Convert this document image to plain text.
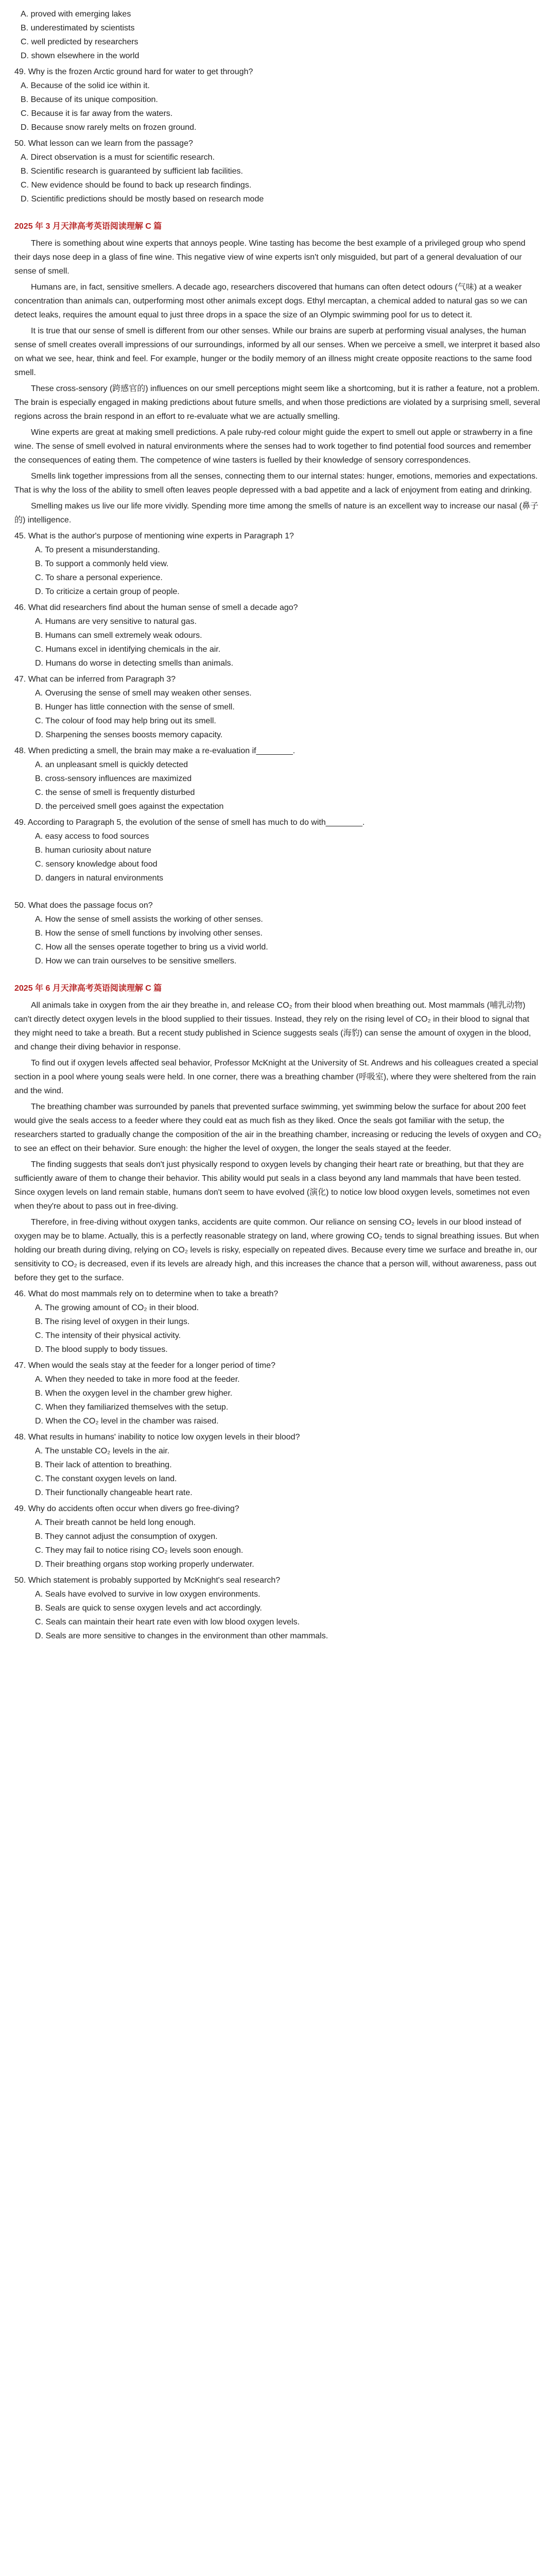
A. proved with emerging lakes

B. underestimated by scientists

C. well predicted by researchers

D. shown elsewhere in the world

49. Why is the frozen Arctic ground hard for water to get through?

A. Because of the solid ice within it.

B. Because of its unique composition.

C. Because it is far away from the waters.

D. Because snow rarely melts on frozen ground.

50. What lesson can we learn from the passage?

A. Direct observation is a must for scientific research.

B. Scientific research is guaranteed by sufficient lab facilities.

C. New evidence should be found to back up research findings.

D. Scientific predictions should be mostly based on research mode

2025 年 3 月天津高考英语阅读理解 C 篇

There is something about wine experts that annoys people. Wine tasting has become the best example of a privileged group who spend their days nose deep in a glass of fine wine. This negative view of wine experts isn't only misguided, but part of a general devaluation of our sense of smell.

Humans are, in fact, sensitive smellers. A decade ago, researchers discovered that humans can often detect odours (气味) at a weaker concentration than animals can, outperforming most other animals except dogs. Ethyl mercaptan, a chemical added to natural gas so we can detect leaks, requires the amount equal to just three drops in a space the size of an Olympic swimming pool for us to detect it.

It is true that our sense of smell is different from our other senses. While our brains are superb at performing visual analyses, the human sense of smell creates overall impressions of our surroundings, informed by all our senses. When we perceive a smell, we interpret it based also on what we see, hear, think and feel. For example, hunger or the bodily memory of an illness might create opposite reactions to the same food smell.

These cross-sensory (跨感官的) influences on our smell perceptions might seem like a shortcoming, but it is rather a feature, not a problem. The brain is especially engaged in making predictions about future smells, and when those predictions are violated by a surprising smell, several regions across the brain respond in an effort to re-evaluate what we are actually smelling.

Wine experts are great at making smell predictions. A pale ruby-red colour might guide the expert to smell out apple or strawberry in a fine wine. The sense of smell evolved in natural environments where the senses had to work together to find potential food sources and remember the consequences of eating them. The competence of wine tasters is fuelled by their knowledge of sensory correspondences.

Smells link together impressions from all the senses, connecting them to our internal states: hunger, emotions, memories and expectations. That is why the loss of the ability to smell often leaves people depressed with a bad appetite and a lack of enjoyment from eating and drinking.

Smelling makes us live our life more vividly. Spending more time among the smells of nature is an excellent way to increase our nasal (鼻子的) intelligence.

45. What is the author's purpose of mentioning wine experts in Paragraph 1?

A. To present a misunderstanding.

B. To support a commonly held view.

C. To share a personal experience.

D. To criticize a certain group of people.

46. What did researchers find about the human sense of smell a decade ago?

A. Humans are very sensitive to natural gas.

B. Humans can smell extremely weak odours.

C. Humans excel in identifying chemicals in the air.

D. Humans do worse in detecting smells than animals.

47. What can be inferred from Paragraph 3?

A. Overusing the sense of smell may weaken other senses.

B. Hunger has little connection with the sense of smell.

C. The colour of food may help bring out its smell.

D. Sharpening the senses boosts memory capacity.

48. When predicting a smell, the brain may make a re-evaluation if________.

A. an unpleasant smell is quickly detected

B. cross-sensory influences are maximized

C. the sense of smell is frequently disturbed

D. the perceived smell goes against the expectation

49. According to Paragraph 5, the evolution of the sense of smell has much to do with________.

A. easy access to food sources

B. human curiosity about nature

C. sensory knowledge about food

D. dangers in natural environments

50. What does the passage focus on?

A. How the sense of smell assists the working of other senses.

B. How the sense of smell functions by involving other senses.

C. How all the senses operate together to bring us a vivid world.

D. How we can train ourselves to be sensitive smellers.

2025 年 6 月天津高考英语阅读理解 C 篇

All animals take in oxygen from the air they breathe in, and release CO₂ from their blood when breathing out. Most mammals (哺乳动物) can't directly detect oxygen levels in the blood supplied to their tissues. Instead, they rely on the rising level of CO₂ in their blood to signal that they might need to take a breath. But a recent study published in Science suggests seals (海豹) can sense the amount of oxygen in the blood, and change their diving behavior in response.

To find out if oxygen levels affected seal behavior, Professor McKnight at the University of St. Andrews and his colleagues created a special section in a pool where young seals were held. In one corner, there was a breathing chamber (呼吸室), where they were sheltered from the rain and the wind.

The breathing chamber was surrounded by panels that prevented surface swimming, yet swimming below the surface for about 200 feet would give the seals access to a feeder where they could eat as much fish as they liked. Once the seals got familiar with the setup, the researchers started to gradually change the composition of the air in the breathing chamber, increasing or reducing the levels of oxygen and CO₂ to see an effect on their behavior. Sure enough: the higher the level of oxygen, the longer the seals stayed at the feeder.

The finding suggests that seals don't just physically respond to oxygen levels by changing their heart rate or breathing, but that they are sufficiently aware of them to change their behavior. This ability would put seals in a class beyond any land mammals that have been tested. Since oxygen levels on land remain stable, humans don't seem to have evolved (演化) to notice low blood oxygen levels, sometimes not even when they're about to pass out in free-diving.

Therefore, in free-diving without oxygen tanks, accidents are quite common. Our reliance on sensing CO₂ levels in our blood instead of oxygen may be to blame. Actually, this is a perfectly reasonable strategy on land, where growing CO₂ tends to signal breathing issues. But when holding our breath during diving, relying on CO₂ levels is risky, especially on repeated dives. Because every time we surface and breathe in, our sensitivity to CO₂ is decreased, even if its levels are already high, and this increases the chance that a person will, without awareness, pass out before they get to the surface.

46. What do most mammals rely on to determine when to take a breath?

A. The growing amount of CO₂ in their blood.

B. The rising level of oxygen in their lungs.

C. The intensity of their physical activity.

D. The blood supply to body tissues.

47. When would the seals stay at the feeder for a longer period of time?

A. When they needed to take in more food at the feeder.

B. When the oxygen level in the chamber grew higher.

C. When they familiarized themselves with the setup.

D. When the CO₂ level in the chamber was raised.

48. What results in humans' inability to notice low oxygen levels in their blood?

A. The unstable CO₂ levels in the air.

B. Their lack of attention to breathing.

C. The constant oxygen levels on land.

D. Their functionally changeable heart rate.

49. Why do accidents often occur when divers go free-diving?

A. Their breath cannot be held long enough.

B. They cannot adjust the consumption of oxygen.

C. They may fail to notice rising CO₂ levels soon enough.

D. Their breathing organs stop working properly underwater.

50. Which statement is probably supported by McKnight's seal research?

A. Seals have evolved to survive in low oxygen environments.

B. Seals are quick to sense oxygen levels and act accordingly.

C. Seals can maintain their heart rate even with low blood oxygen levels.

D. Seals are more sensitive to changes in the environment than other mammals.
